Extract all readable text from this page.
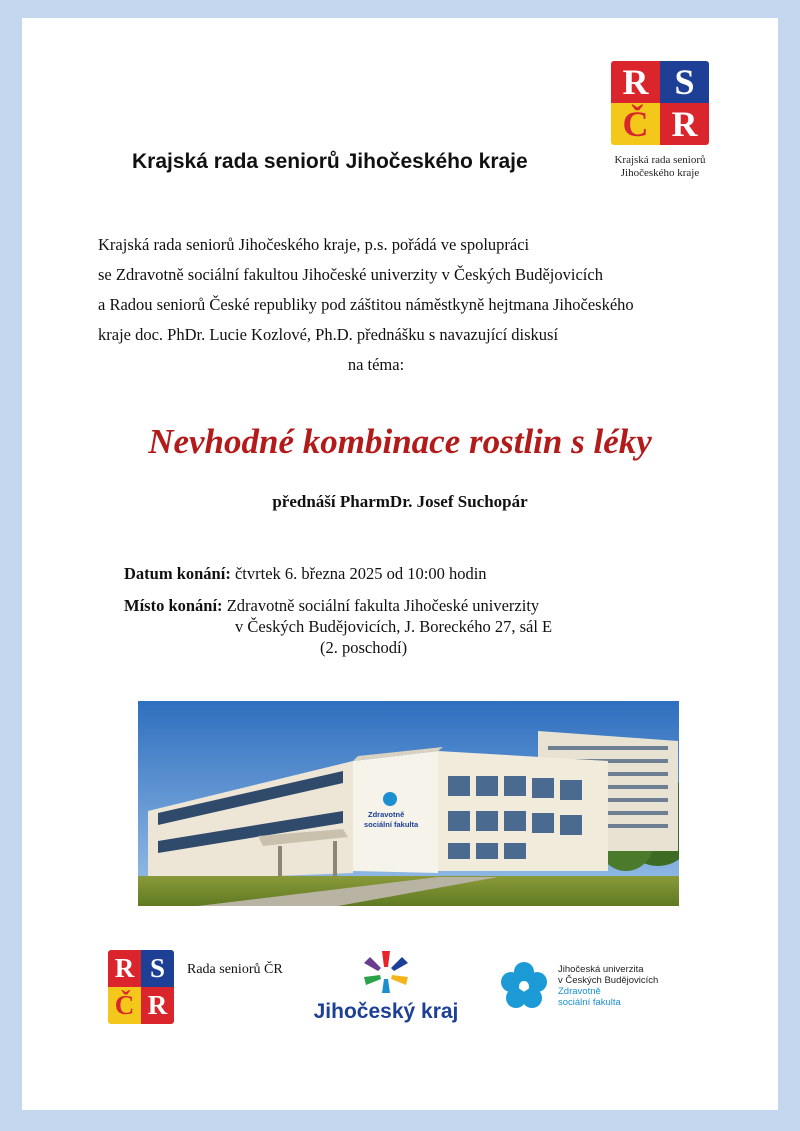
R S
Č R
Krajská rada seniorů
Jihočeského kraje
Krajská rada seniorů Jihočeského kraje
Krajská rada seniorů Jihočeského kraje, p.s. pořádá ve spolupráci
se Zdravotně sociální fakultou Jihočeské univerzity v Českých Budějovicích
a Radou seniorů České republiky pod záštitou náměstkyně hejtmana Jihočeského
kraje doc. PhDr. Lucie Kozlové, Ph.D. přednášku s navazující diskusí
na téma:
Nevhodné kombinace rostlin s léky
přednáší PharmDr. Josef Suchopár
Datum konání: čtvrtek 6. března 2025 od 10:00 hodin
Místo konání: Zdravotně sociální fakulta Jihočeské univerzity
v Českých Budějovicích, J. Boreckého 27, sál E
(2. poschodí)
Zdravotně
sociální fakulta
R S
Č R
Rada seniorů ČR
Jihočeský kraj
Jihočeská univerzita
v Českých Budějovicích
Zdravotně
sociální fakulta
